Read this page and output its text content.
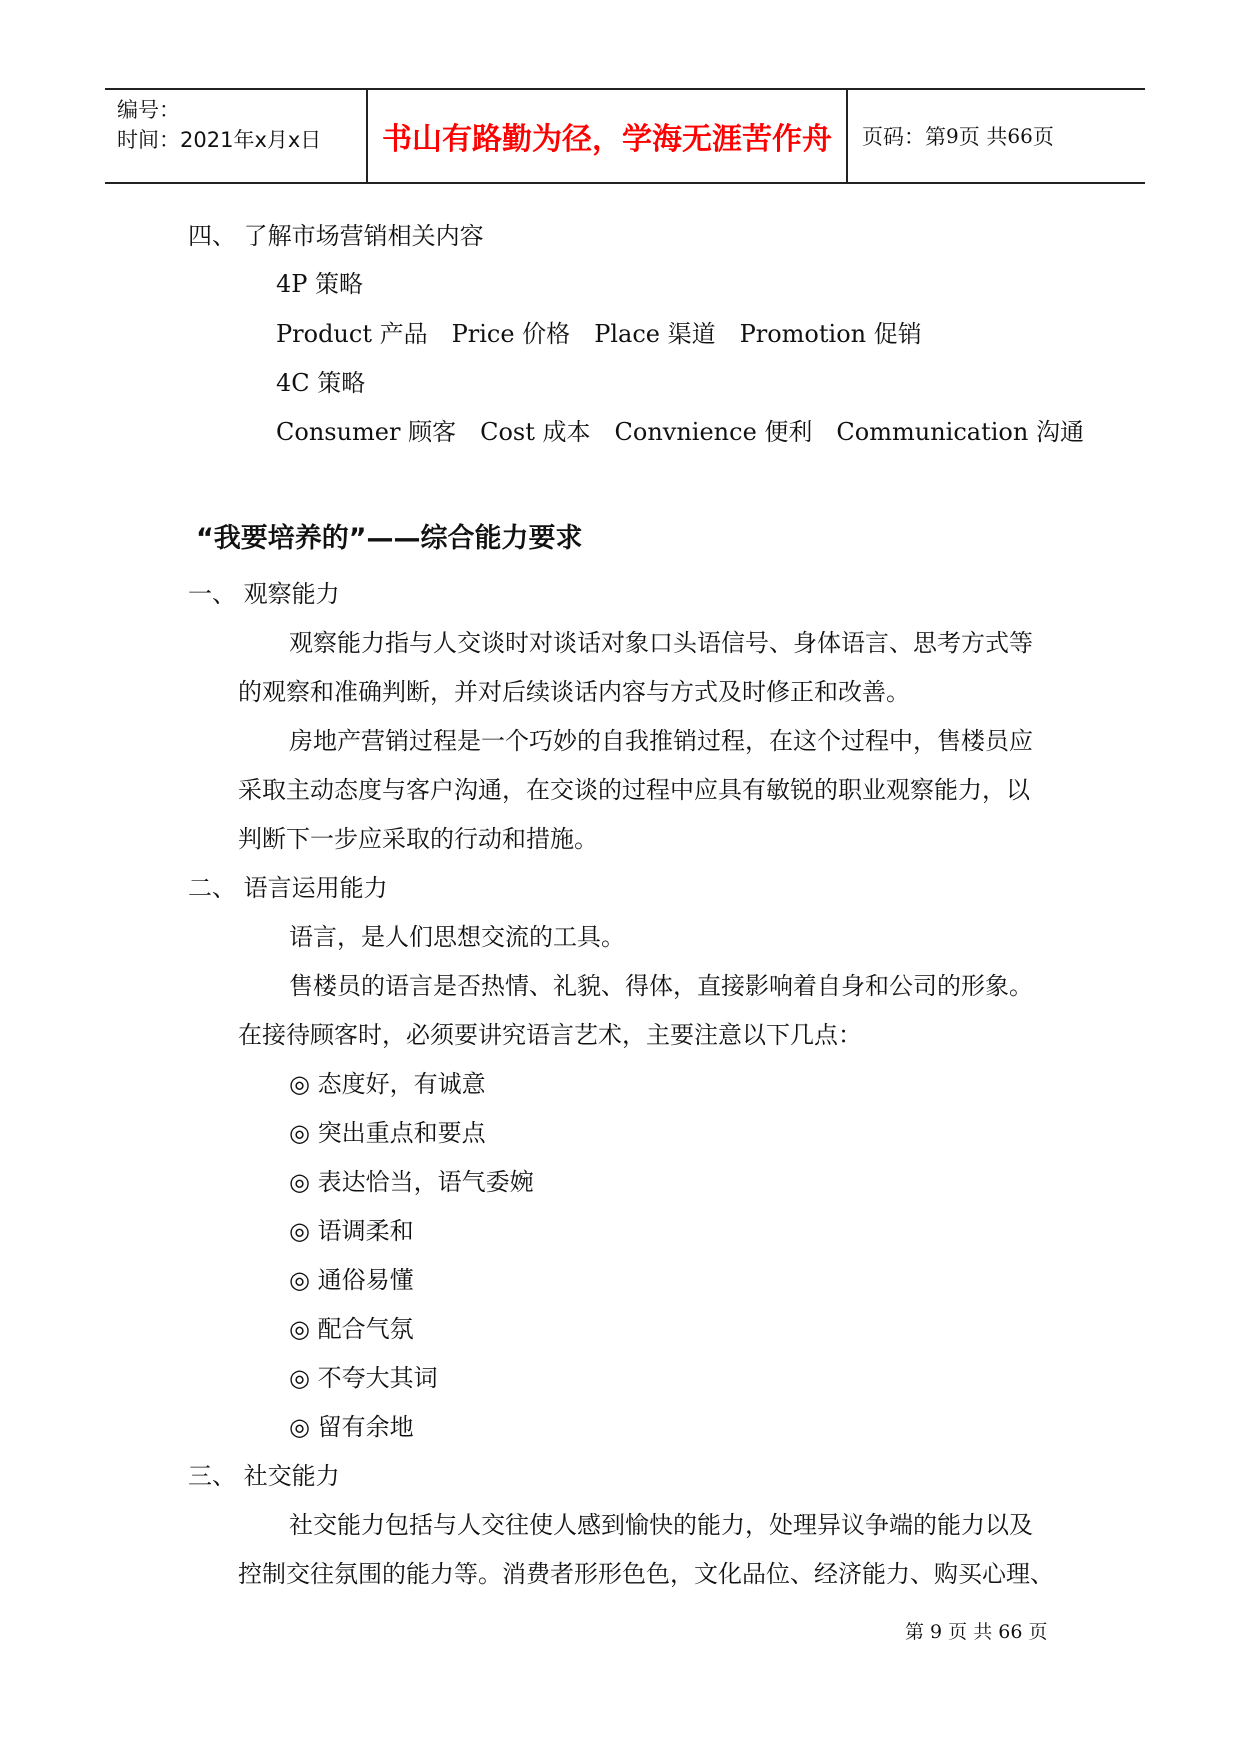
编号：
时间：2021年x月x日	书山有路勤为径，学海无涯苦作舟	页码：第 9 页 共 66 页
四、 了解市场营销相关内容
4P 策略
Product 产品 Price 价格 Place 渠道 Promotion 促销
4C 策略
Consumer 顾客 Cost 成本 Convnience 便利 Communication 沟通
“我要培养的”——综合能力要求
一、 观察能力
观察能力指与人交谈时对谈话对象口头语信号、身体语言、思考方式等
的观察和准确判断，并对后续谈话内容与方式及时修正和改善。
房地产营销过程是一个巧妙的自我推销过程，在这个过程中，售楼员应
采取主动态度与客户沟通，在交谈的过程中应具有敏锐的职业观察能力，以
判断下一步应采取的行动和措施。
二、 语言运用能力
语言，是人们思想交流的工具。
售楼员的语言是否热情、礼貌、得体，直接影响着自身和公司的形象。
在接待顾客时，必须要讲究语言艺术，主要注意以下几点：
◎ 态度好，有诚意
◎ 突出重点和要点
◎ 表达恰当，语气委婉
◎ 语调柔和
◎ 通俗易懂
◎ 配合气氛
◎ 不夸大其词
◎ 留有余地
三、 社交能力
社交能力包括与人交往使人感到愉快的能力，处理异议争端的能力以及
控制交往氛围的能力等。消费者形形色色，文化品位、经济能力、购买心理、
第 9 页 共 66 页
